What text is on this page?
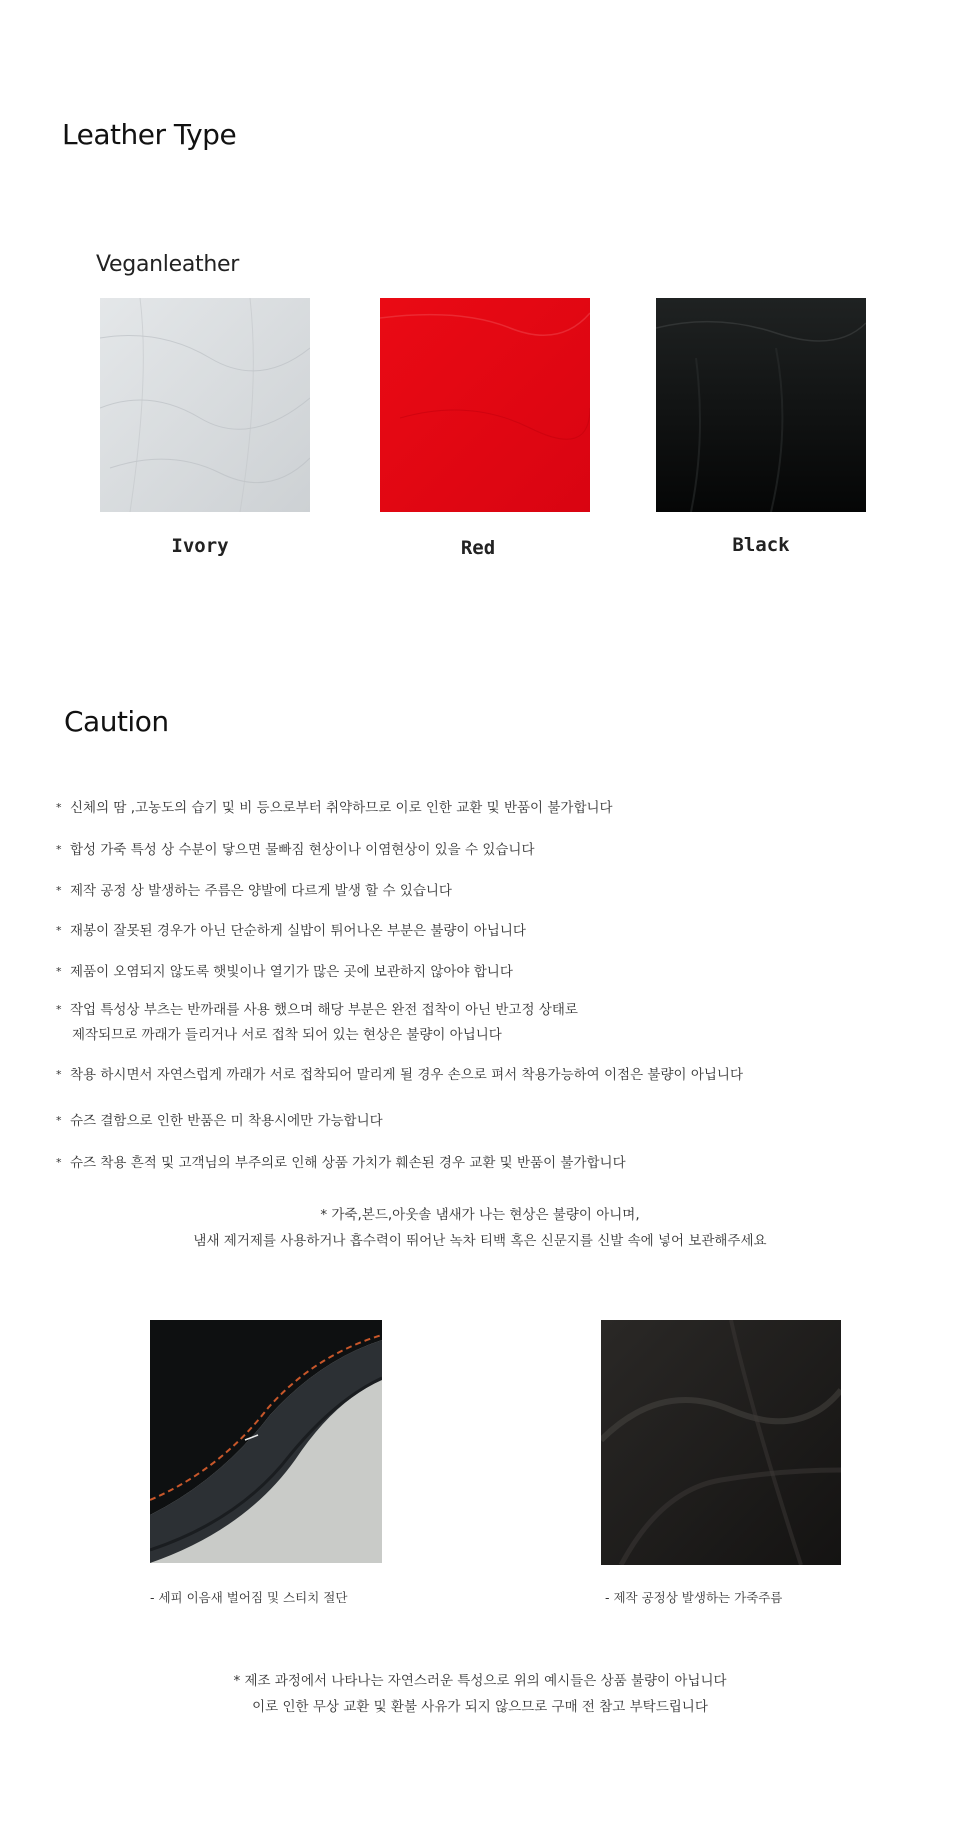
Leather Type
Veganleather
Ivory	Red	Black
Caution
* 신체의 땀 ,고농도의 습기 및 비 등으로부터 취약하므로 이로 인한 교환 및 반품이 불가합니다
* 합성 가죽 특성 상 수분이 닿으면 물빠짐 현상이나 이염현상이 있을 수 있습니다
* 제작 공정 상 발생하는 주름은 양발에 다르게 발생 할 수 있습니다
* 재봉이 잘못된 경우가 아닌 단순하게 실밥이 튀어나온 부분은 불량이 아닙니다
* 제품이 오염되지 않도록 햇빛이나 열기가 많은 곳에 보관하지 않아야 합니다
* 작업 특성상 부츠는 반까래를 사용 했으며 해당 부분은 완전 접착이 아닌 반고정 상태로
제작되므로 까래가 들리거나 서로 접착 되어 있는 현상은 불량이 아닙니다
* 착용 하시면서 자연스럽게 까래가 서로 접착되어 말리게 될 경우 손으로 펴서 착용가능하여 이점은 불량이 아닙니다
* 슈즈 결함으로 인한 반품은 미 착용시에만 가능합니다
* 슈즈 착용 흔적 및 고객님의 부주의로 인해 상품 가치가 훼손된 경우 교환 및 반품이 불가합니다
* 가죽,본드,아웃솔 냄새가 나는 현상은 불량이 아니며,
냄새 제거제를 사용하거나 흡수력이 뛰어난 녹차 티백 혹은 신문지를 신발 속에 넣어 보관해주세요
- 세피 이음새 벌어짐 및 스티치 절단	- 제작 공정상 발생하는 가죽주름
* 제조 과정에서 나타나는 자연스러운 특성으로 위의 예시들은 상품 불량이 아닙니다
이로 인한 무상 교환 및 환불 사유가 되지 않으므로 구매 전 참고 부탁드립니다
